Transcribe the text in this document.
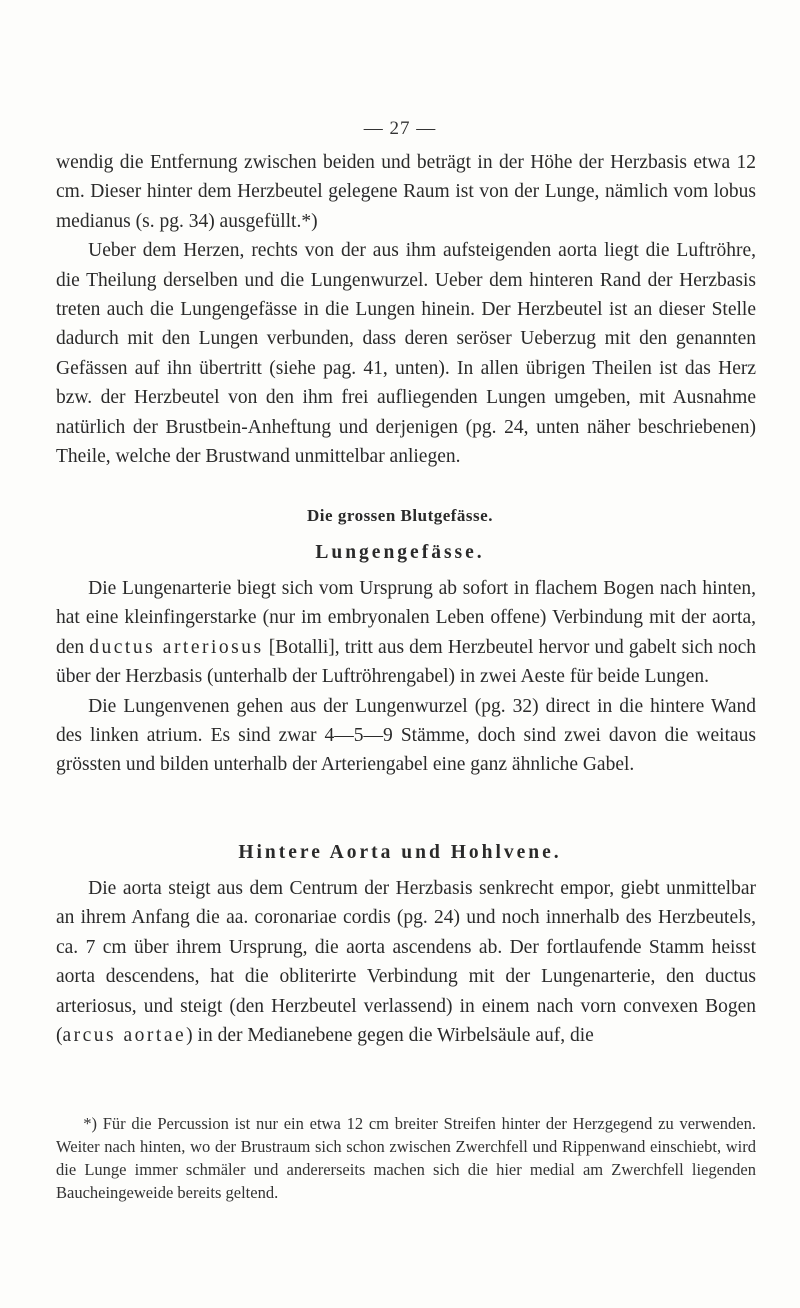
— 27 —

wendig die Entfernung zwischen beiden und beträgt in der Höhe der Herzbasis etwa 12 cm. Dieser hinter dem Herzbeutel gelegene Raum ist von der Lunge, nämlich vom lobus medianus (s. pg. 34) ausgefüllt.*)

Ueber dem Herzen, rechts von der aus ihm aufsteigenden aorta liegt die Luftröhre, die Theilung derselben und die Lungenwurzel. Ueber dem hinteren Rand der Herzbasis treten auch die Lungengefässe in die Lungen hinein. Der Herzbeutel ist an dieser Stelle dadurch mit den Lungen verbunden, dass deren seröser Ueberzug mit den genannten Gefässen auf ihn übertritt (siehe pag. 41, unten). In allen übrigen Theilen ist das Herz bzw. der Herzbeutel von den ihm frei aufliegenden Lungen umgeben, mit Ausnahme natürlich der Brustbein-Anheftung und derjenigen (pg. 24, unten näher beschriebenen) Theile, welche der Brustwand unmittelbar anliegen.

Die grossen Blutgefässe.
Lungengefässe.

Die Lungenarterie biegt sich vom Ursprung ab sofort in flachem Bogen nach hinten, hat eine kleinfingerstarke (nur im embryonalen Leben offene) Verbindung mit der aorta, den ductus arteriosus [Botalli], tritt aus dem Herzbeutel hervor und gabelt sich noch über der Herzbasis (unterhalb der Luftröhrengabel) in zwei Aeste für beide Lungen.

Die Lungenvenen gehen aus der Lungenwurzel (pg. 32) direct in die hintere Wand des linken atrium. Es sind zwar 4—5—9 Stämme, doch sind zwei davon die weitaus grössten und bilden unterhalb der Arteriengabel eine ganz ähnliche Gabel.

Hintere Aorta und Hohlvene.

Die aorta steigt aus dem Centrum der Herzbasis senkrecht empor, giebt unmittelbar an ihrem Anfang die aa. coronariae cordis (pg. 24) und noch innerhalb des Herzbeutels, ca. 7 cm über ihrem Ursprung, die aorta ascendens ab. Der fortlaufende Stamm heisst aorta descendens, hat die obliterirte Verbindung mit der Lungenarterie, den ductus arteriosus, und steigt (den Herzbeutel verlassend) in einem nach vorn convexen Bogen (arcus aortae) in der Medianebene gegen die Wirbelsäule auf, die

*) Für die Percussion ist nur ein etwa 12 cm breiter Streifen hinter der Herzgegend zu verwenden. Weiter nach hinten, wo der Brustraum sich schon zwischen Zwerchfell und Rippenwand einschiebt, wird die Lunge immer schmäler und andererseits machen sich die hier medial am Zwerchfell liegenden Baucheingeweide bereits geltend.
